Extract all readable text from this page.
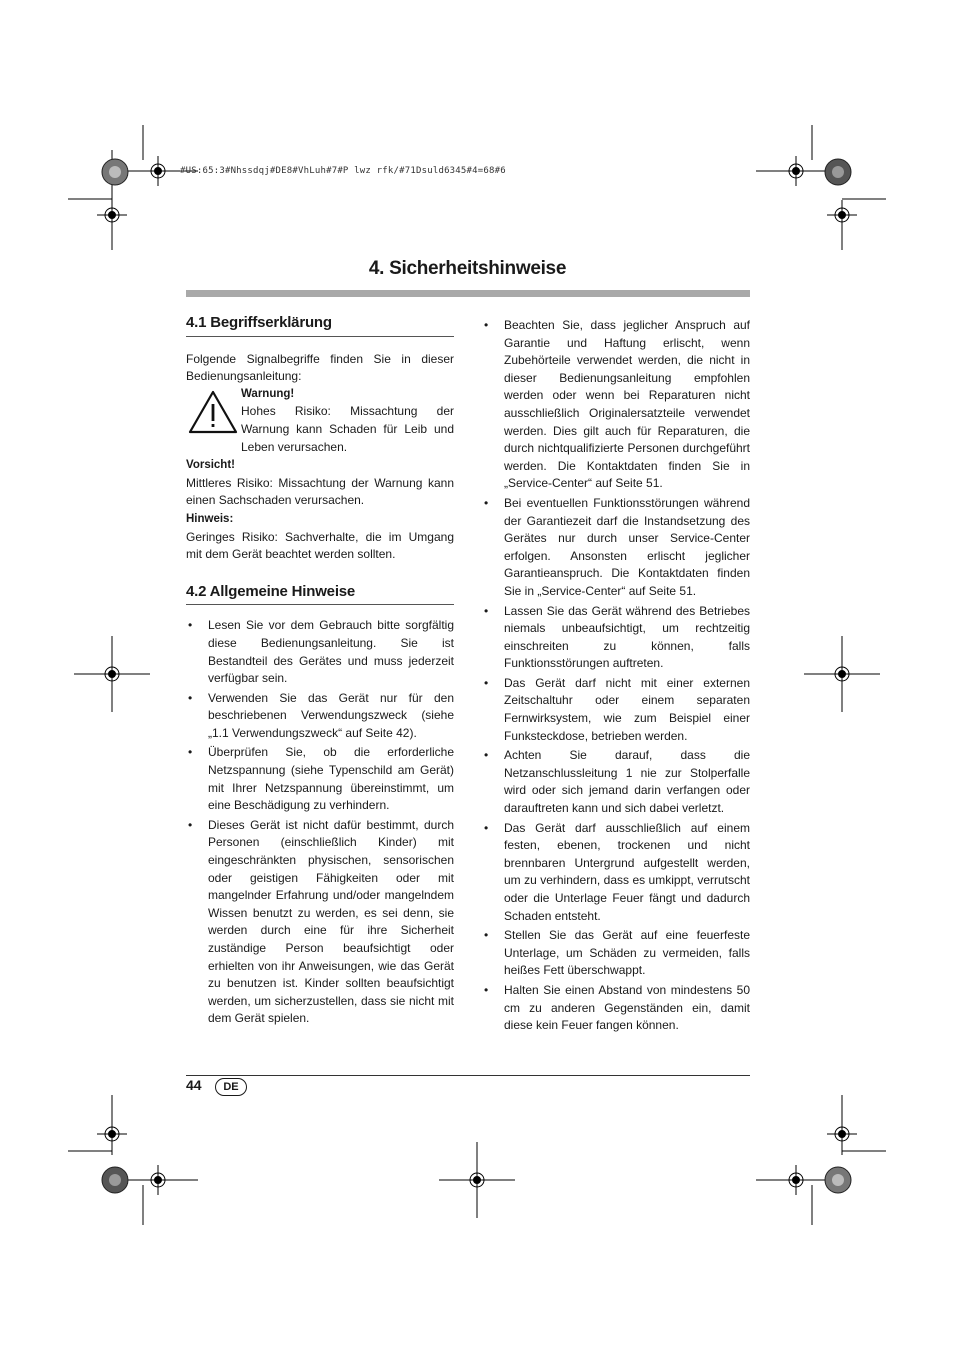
#US:65:3#Nhssdqj#DE8#VhLuh#7#P lwz rfk/#71Dsuld6345#4=68#6
4. Sicherheitshinweise
4.1 Begriffserklärung

Folgende Signalbegriffe finden Sie in dieser Bedienungsanleitung:

Warnung!

Hohes Risiko: Missachtung der Warnung kann Schaden für Leib und Leben verursachen.

Vorsicht!

Mittleres Risiko: Missachtung der Warnung kann einen Sachschaden verursachen.

Hinweis:

Geringes Risiko: Sachverhalte, die im Umgang mit dem Gerät beachtet werden sollten.

4.2 Allgemeine Hinweise
• Lesen Sie vor dem Gebrauch bitte sorgfältig diese Bedienungsanleitung. Sie ist Bestandteil des Gerätes und muss jederzeit verfügbar sein.
• Verwenden Sie das Gerät nur für den beschriebenen Verwendungszweck (siehe „1.1 Verwendungszweck“ auf Seite 42).
• Überprüfen Sie, ob die erforderliche Netzspannung (siehe Typenschild am Gerät) mit Ihrer Netzspannung übereinstimmt, um eine Beschädigung zu verhindern.
• Dieses Gerät ist nicht dafür bestimmt, durch Personen (einschließlich Kinder) mit eingeschränkten physischen, sensorischen oder geistigen Fähigkeiten oder mit mangelnder Erfahrung und/oder mangelndem Wissen benutzt zu werden, es sei denn, sie werden durch eine für ihre Sicherheit zuständige Person beaufsichtigt oder erhielten von ihr Anweisungen, wie das Gerät zu benutzen ist. Kinder sollten beaufsichtigt werden, um sicherzustellen, dass sie nicht mit dem Gerät spielen.
• Beachten Sie, dass jeglicher Anspruch auf Garantie und Haftung erlischt, wenn Zubehörteile verwendet werden, die nicht in dieser Bedienungsanleitung empfohlen werden oder wenn bei Reparaturen nicht ausschließlich Originalersatzteile verwendet werden. Dies gilt auch für Reparaturen, die durch nichtqualifizierte Personen durchgeführt werden. Die Kontaktdaten finden Sie in „Service-Center“ auf Seite 51.
• Bei eventuellen Funktionsstörungen während der Garantiezeit darf die Instandsetzung des Gerätes nur durch unser Service-Center erfolgen. Ansonsten erlischt jeglicher Garantieanspruch. Die Kontaktdaten finden Sie in „Service-Center“ auf Seite 51.
• Lassen Sie das Gerät während des Betriebes niemals unbeaufsichtigt, um rechtzeitig einschreiten zu können, falls Funktionsstörungen auftreten.
• Das Gerät darf nicht mit einer externen Zeitschaltuhr oder einem separaten Fernwirksystem, wie zum Beispiel einer Funksteckdose, betrieben werden.
• Achten Sie darauf, dass die Netzanschlussleitung 1 nie zur Stolperfalle wird oder sich jemand darin verfangen oder darauftreten kann und sich dabei verletzt.
• Das Gerät darf ausschließlich auf einem festen, ebenen, trockenen und nicht brennbaren Untergrund aufgestellt werden, um zu verhindern, dass es umkippt, verrutscht oder die Unterlage Feuer fängt und dadurch Schaden entsteht.
• Stellen Sie das Gerät auf eine feuerfeste Unterlage, um Schäden zu vermeiden, falls heißes Fett überschwappt.
• Halten Sie einen Abstand von mindestens 50 cm zu anderen Gegenständen ein, damit diese kein Feuer fangen können.
44	DE
